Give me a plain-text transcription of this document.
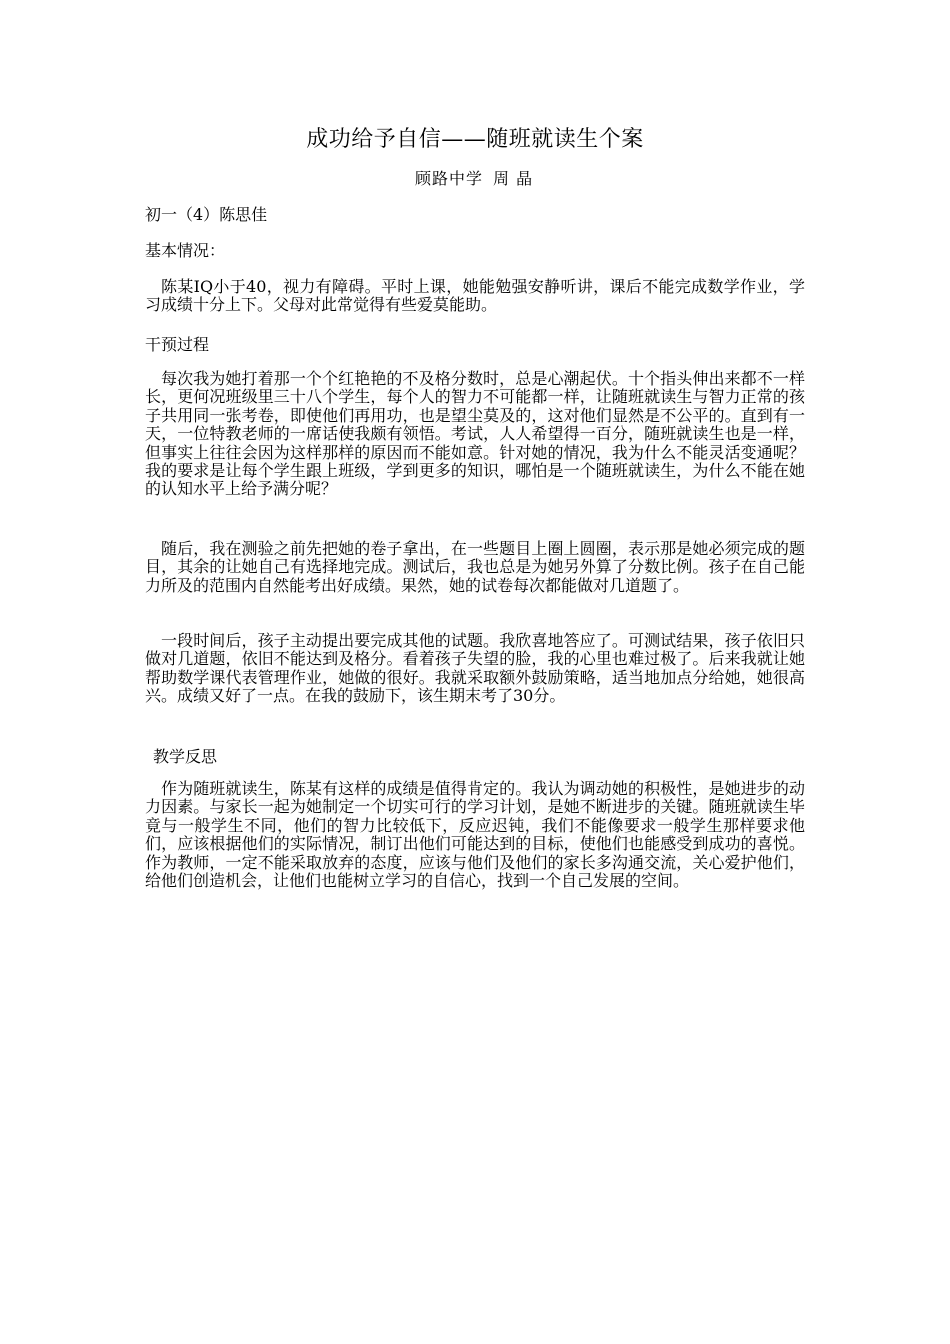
成功给予自信——随班就读生个案
顾路中学 周 晶
初一（4）陈思佳
基本情况：
陈某IQ小于40，视力有障碍。平时上课，她能勉强安静听讲，课后不能完成数学作业，学习成绩十分上下。父母对此常觉得有些爱莫能助。
干预过程
每次我为她打着那一个个红艳艳的不及格分数时，总是心潮起伏。十个指头伸出来都不一样长，更何况班级里三十八个学生，每个人的智力不可能都一样，让随班就读生与智力正常的孩子共用同一张考卷，即使他们再用功，也是望尘莫及的，这对他们显然是不公平的。直到有一天，一位特教老师的一席话使我颇有领悟。考试，人人希望得一百分，随班就读生也是一样，但事实上往往会因为这样那样的原因而不能如意。针对她的情况，我为什么不能灵活变通呢？我的要求是让每个学生跟上班级，学到更多的知识，哪怕是一个随班就读生，为什么不能在她的认知水平上给予满分呢？
随后，我在测验之前先把她的卷子拿出，在一些题目上圈上圆圈，表示那是她必须完成的题目，其余的让她自己有选择地完成。测试后，我也总是为她另外算了分数比例。孩子在自己能力所及的范围内自然能考出好成绩。果然，她的试卷每次都能做对几道题了。
一段时间后，孩子主动提出要完成其他的试题。我欣喜地答应了。可测试结果，孩子依旧只做对几道题，依旧不能达到及格分。看着孩子失望的脸，我的心里也难过极了。后来我就让她帮助数学课代表管理作业，她做的很好。我就采取额外鼓励策略，适当地加点分给她，她很高兴。成绩又好了一点。在我的鼓励下，该生期末考了30分。
教学反思
作为随班就读生，陈某有这样的成绩是值得肯定的。我认为调动她的积极性，是她进步的动力因素。与家长一起为她制定一个切实可行的学习计划，是她不断进步的关键。随班就读生毕竟与一般学生不同，他们的智力比较低下，反应迟钝，我们不能像要求一般学生那样要求他们，应该根据他们的实际情况，制订出他们可能达到的目标，使他们也能感受到成功的喜悦。作为教师，一定不能采取放弃的态度，应该与他们及他们的家长多沟通交流，关心爱护他们，给他们创造机会，让他们也能树立学习的自信心，找到一个自己发展的空间。
